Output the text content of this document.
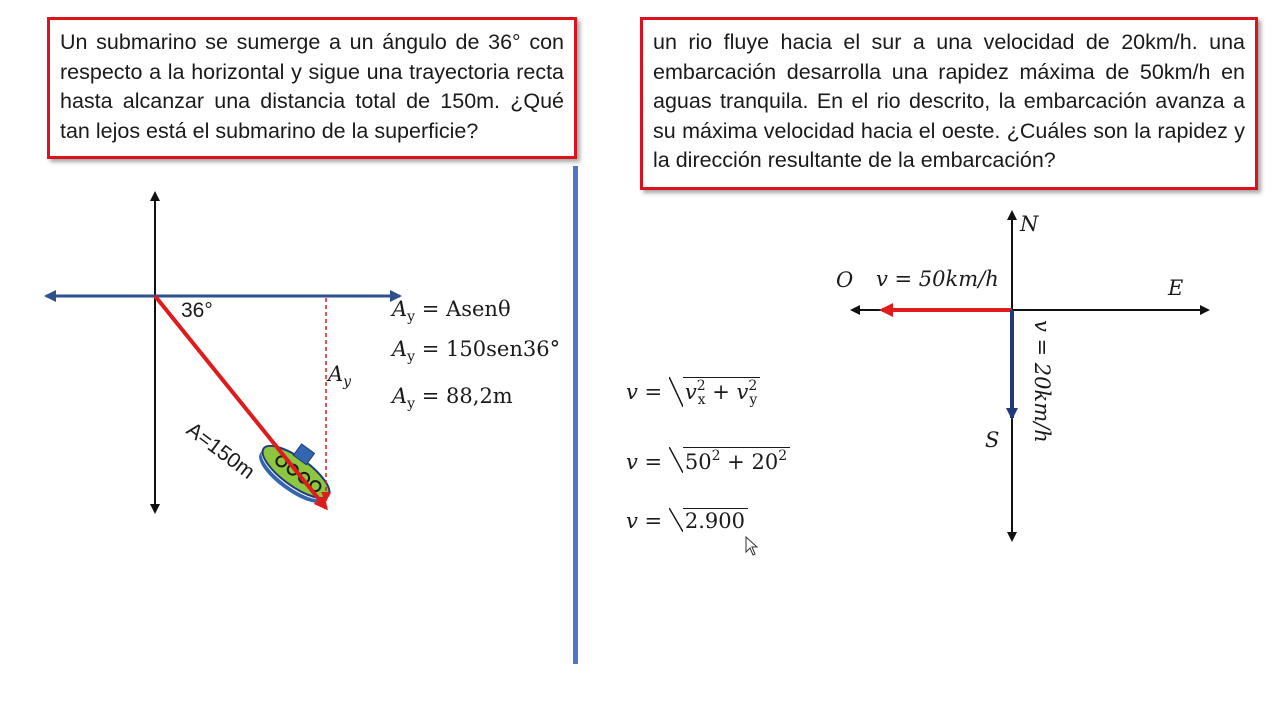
Un submarino se sumerge a un ángulo de 36° con respecto a la horizontal y sigue una trayectoria recta hasta alcanzar una distancia total de 150m. ¿Qué tan lejos está el submarino de la superficie?
un rio fluye hacia el sur a una velocidad de 20km/h. una embarcación desarrolla una rapidez máxima de 50km/h en aguas tranquila. En el rio descrito, la embarcación avanza a su máxima velocidad hacia el oeste. ¿Cuáles son la rapidez y la dirección resultante de la embarcación?
36°
A=150m
$A_y$
$A_y$ = Asenθ
$A_y = 150sen36^\circ$
$A_y = 88,2m$
N
S
E
O v = 50km/h
v = 20km/h
$v = v^2_x + v^2_y$
$v = 50^2 + 20^2$
v = 2.900
